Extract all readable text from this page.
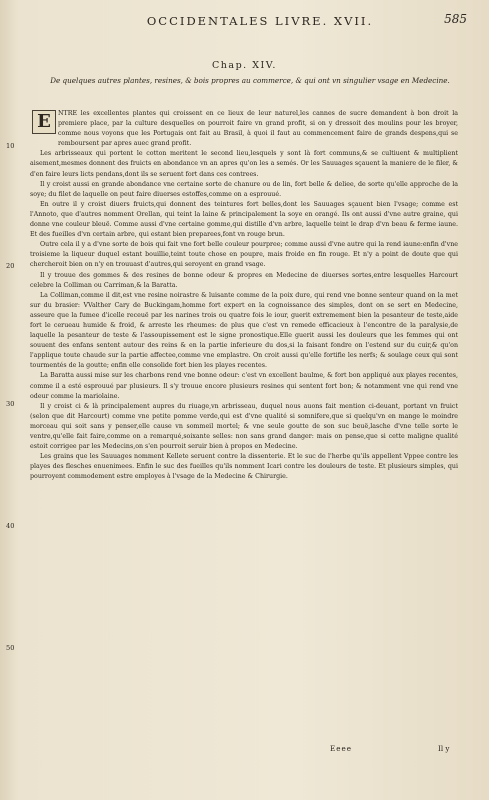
OCCIDENTALES LIVRE. XVII.	585
Chap. XIV.
De quelques autres plantes, resines, & bois propres au commerce, & qui ont vn singulier vsage en Medecine.
E	NTRE les excellentes plantes qui croissent en ce lieux de leur naturel,les cannes de sucre demandent à bon droit la premiere place, par la culture desquelles on pourroit faire vn grand profit, si on y dressoit des moulins pour les broyer, comme nous voyons que les Portugais ont fait au Brasil, à quoi il faut au commencement faire de grands despens,qui se remboursent par apres auec grand profit.

Les arbrisseaux qui portent le cotton meritent le second lieu,lesquels y sont là fort communs,& se cultiuent & multiplient aisement,mesmes donnent des fruicts en abondance vn an apres qu'on les a semés. Or les Sauuages sçauent la maniere de le filer, & d'en faire leurs licts pendans,dont ils se seruent fort dans ces contrees.

Il y croist aussi en grande abondance vne certaine sorte de chanure ou de lin, fort belle & deliee, de sorte qu'elle approche de la soye; du filet de laquelle on peut faire diuerses estoffes,comme on a esprouué.

En outre il y croist diuers fruicts,qui donnent des teintures fort belles,dont les Sauuages sçauent bien l'vsage; comme est l'Annoto, que d'autres nomment Orellan, qui teint la laine & principalement la soye en orangé. Ils ont aussi d'vne autre graine, qui donne vne couleur bleuë. Comme aussi d'vne certaine gomme,qui distille d'vn arbre, laquelle teint le drap d'vn beau & ferme iaune. Et des fueilles d'vn certain arbre, qui estant bien preparees,font vn rouge brun.

Outre cela il y a d'vne sorte de bois qui fait vne fort belle couleur pourpree; comme aussi d'vne autre qui la rend iaune:enfin d'vne troisieme la liqueur duquel estant bouillie,teint toute chose en poupre, mais froide en fin rouge. Et n'y a point de doute que qui chercheroit bien on n'y en trouuast d'autres,qui seroyent en grand vsage.

Il y trouue des gommes & des resines de bonne odeur & propres en Medecine de diuerses sortes,entre lesquelles Harcourt celebre la Colliman ou Carriman,& la Baratta.

La Colliman,comme il dit,est vne resine noirastre & luisante comme de la poix dure, qui rend vne bonne senteur quand on la met sur du brasier: VValther Cary de Buckingam,homme fort expert en la cognoissance des simples, dont on se sert en Medecine, asseure que la fumee d'icelle receuë par les narines trois ou quatre fois le iour, guerit extremement bien la pesanteur de teste,aide fort le cerueau humide & froid, & arreste les rheumes: de plus que c'est vn remede efficacieux à l'encontre de la paralysie,de laquelle la pesanteur de teste & l'assoupissement est le signe pronostique.Elle guerit aussi les douleurs que les femmes qui ont souuent des enfans sentent autour des reins & en la partie inferieure du dos,si la faisant fondre on l'estend sur du cuir,& qu'on l'applique toute chaude sur la partie affectee,comme vne emplastre. On croit aussi qu'elle fortifie les nerfs; & soulage ceux qui sont tourmentés de la goutte; enfin elle consolide fort bien les playes recentes.

La Baratta aussi mise sur les charbons rend vne bonne odeur: c'est vn excellent baulme, & fort bon appliqué aux playes recentes, comme il a esté esprouué par plusieurs. Il s'y trouue encore plusieurs resines qui sentent fort bon; & notamment vne qui rend vne odeur comme la mariolaine.

Il y croist ci & là principalement aupres du riuage,vn arbrisseau, duquel nous auons fait mention ci-deuant, portant vn fruict (selon que dit Harcourt) comme vne petite pomme verde,qui est d'vne qualité si somnifere,que si quelqu'vn en mange le moindre morceau qui soit sans y penser,elle cause vn sommeil mortel; & vne seule goutte de son suc beuë,lasche d'vne telle sorte le ventre,qu'elle fait faire,comme on a remarqué,soixante selles: non sans grand danger: mais on pense,que si cette maligne qualité estoit corrigee par les Medecins,on s'en pourroit seruir bien à propos en Medecine.

Les grains que les Sauuages nomment Kellete seruent contre la dissenterie. Et le suc de l'herbe qu'ils appellent Vppee contre les playes des flesches enuenimees. Enfin le suc des fueilles qu'ils nomment Icari contre les douleurs de teste. Et plusieurs simples, qui pourroyent commodement estre employes à l'vsage de la Medecine & Chirurgie.

10
20
30
40
50
Eeee	Il y
